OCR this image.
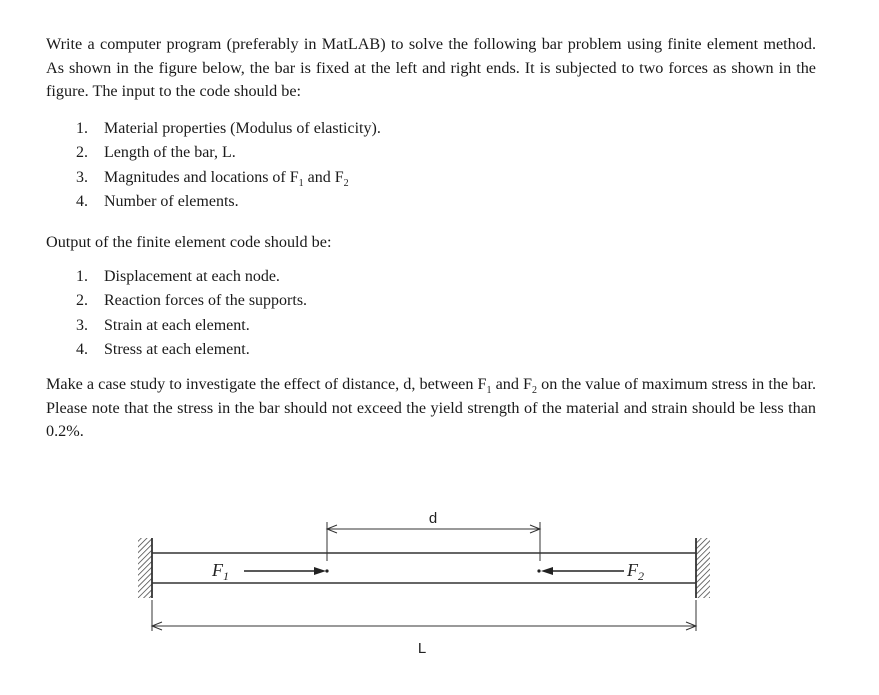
Write a computer program (preferably in MatLAB) to solve the following bar problem using finite element method. As shown in the figure below, the bar is fixed at the left and right ends. It is subjected to two forces as shown in the figure. The input to the code should be:

1. Material properties (Modulus of elasticity).
2. Length of the bar, L.
3. Magnitudes and locations of $F_1$ and $F_2$
4. Number of elements.

Output of the finite element code should be:

1. Displacement at each node.
2. Reaction forces of the supports.
3. Strain at each element.
4. Stress at each element.

Make a case study to investigate the effect of distance, d, between $F_1$ and $F_2$ on the value of maximum stress in the bar. Please note that the stress in the bar should not exceed the yield strength of the material and strain should be less than 0.2%.

$F_1$	$F_2$
d
L
